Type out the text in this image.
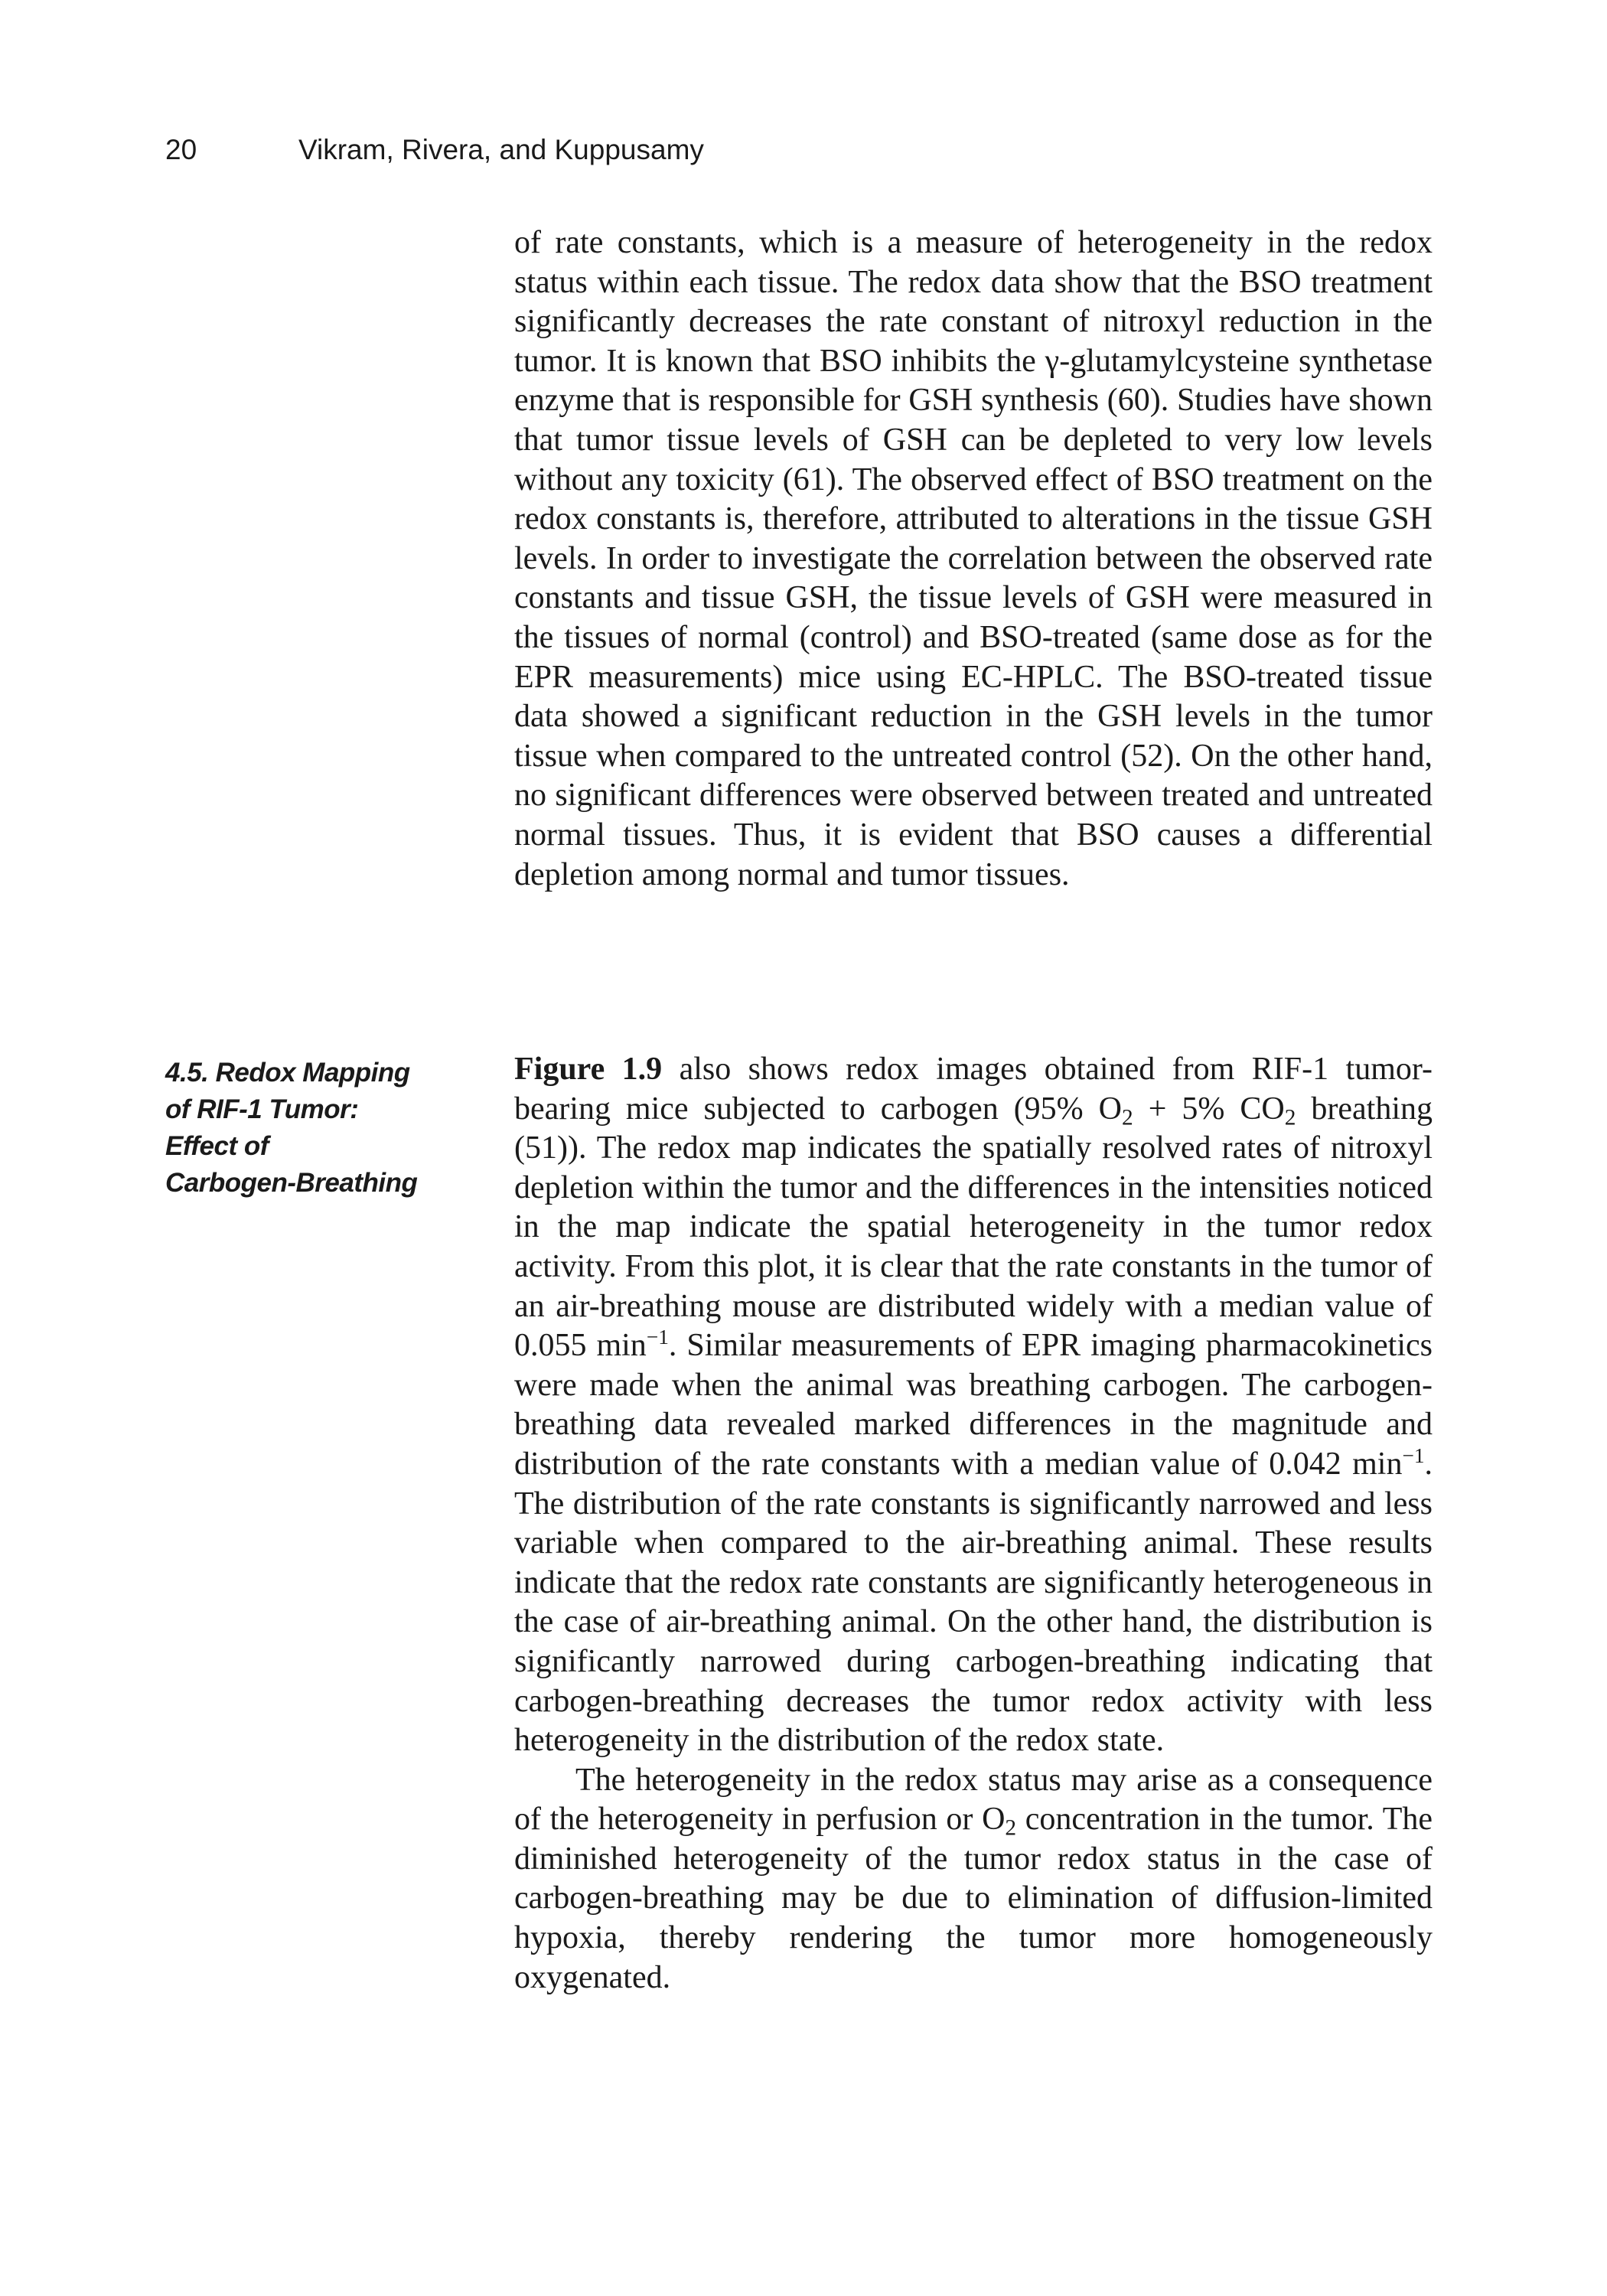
20	Vikram, Rivera, and Kuppusamy

of rate constants, which is a measure of heterogeneity in the redox status within each tissue. The redox data show that the BSO treatment significantly decreases the rate constant of nitroxyl reduction in the tumor. It is known that BSO inhibits the γ-glutamylcysteine synthetase enzyme that is responsible for GSH synthesis (60). Studies have shown that tumor tissue levels of GSH can be depleted to very low levels without any toxicity (61). The observed effect of BSO treatment on the redox constants is, therefore, attributed to alterations in the tissue GSH levels. In order to investigate the correlation between the observed rate constants and tissue GSH, the tissue levels of GSH were measured in the tissues of normal (control) and BSO-treated (same dose as for the EPR measurements) mice using EC-HPLC. The BSO-treated tissue data showed a significant reduction in the GSH levels in the tumor tissue when compared to the untreated control (52). On the other hand, no significant differences were observed between treated and untreated normal tissues. Thus, it is evident that BSO causes a differential depletion among normal and tumor tissues.

4.5. Redox Mapping
of RIF-1 Tumor:
Effect of
Carbogen-Breathing

Figure 1.9 also shows redox images obtained from RIF-1 tumor-bearing mice subjected to carbogen (95% $O_2 + 5\%$ $CO_2$ breathing (51)). The redox map indicates the spatially resolved rates of nitroxyl depletion within the tumor and the differences in the intensities noticed in the map indicate the spatial heterogeneity in the tumor redox activity. From this plot, it is clear that the rate constants in the tumor of an air-breathing mouse are distributed widely with a median value of 0.055 $\min^{-1}$. Similar measurements of EPR imaging pharmacokinetics were made when the animal was breathing carbogen. The carbogen-breathing data revealed marked differences in the magnitude and distribution of the rate constants with a median value of 0.042 $\min^{-1}$. The distribution of the rate constants is significantly narrowed and less variable when compared to the air-breathing animal. These results indicate that the redox rate constants are significantly heterogeneous in the case of air-breathing animal. On the other hand, the distribution is significantly narrowed during carbogen-breathing indicating that carbogen-breathing decreases the tumor redox activity with less heterogeneity in the distribution of the redox state.

The heterogeneity in the redox status may arise as a consequence of the heterogeneity in perfusion or $O_2$ concentration in the tumor. The diminished heterogeneity of the tumor redox status in the case of carbogen-breathing may be due to elimination of diffusion-limited hypoxia, thereby rendering the tumor more homogeneously oxygenated.
